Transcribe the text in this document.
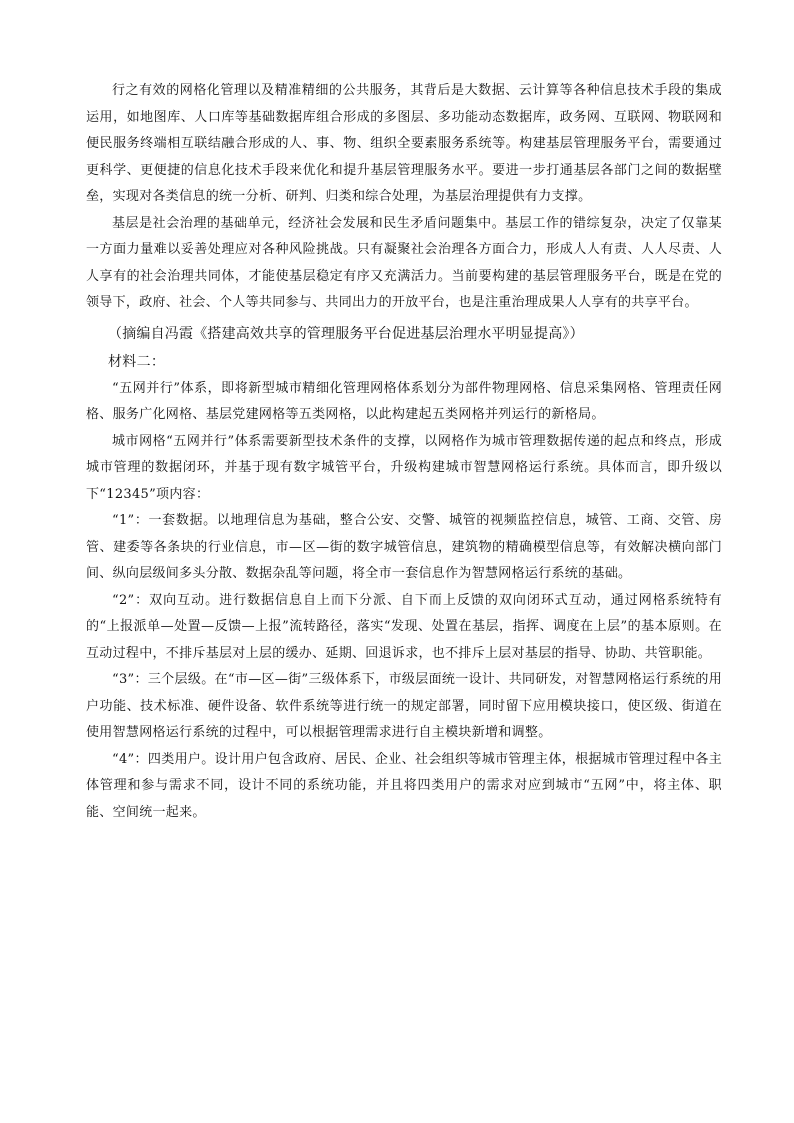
行之有效的网格化管理以及精准精细的公共服务，其背后是大数据、云计算等各种信息技术手段的集成运用，如地图库、人口库等基础数据库组合形成的多图层、多功能动态数据库，政务网、互联网、物联网和便民服务终端相互联结融合形成的人、事、物、组织全要素服务系统等。构建基层管理服务平台，需要通过更科学、更便捷的信息化技术手段来优化和提升基层管理服务水平。要进一步打通基层各部门之间的数据壁垒，实现对各类信息的统一分析、研判、归类和综合处理，为基层治理提供有力支撑。

基层是社会治理的基础单元，经济社会发展和民生矛盾问题集中。基层工作的错综复杂，决定了仅靠某一方面力量难以妥善处理应对各种风险挑战。只有凝聚社会治理各方面合力，形成人人有责、人人尽责、人人享有的社会治理共同体，才能使基层稳定有序又充满活力。当前要构建的基层管理服务平台，既是在党的领导下，政府、社会、个人等共同参与、共同出力的开放平台，也是注重治理成果人人享有的共享平台。

（摘编自冯霞《搭建高效共享的管理服务平台促进基层治理水平明显提高》）

材料二：

“五网并行”体系，即将新型城市精细化管理网格体系划分为部件物理网格、信息采集网格、管理责任网格、服务广化网格、基层党建网格等五类网格，以此构建起五类网格并列运行的新格局。

城市网格“五网并行”体系需要新型技术条件的支撑，以网格作为城市管理数据传递的起点和终点，形成城市管理的数据闭环，并基于现有数字城管平台，升级构建城市智慧网格运行系统。具体而言，即升级以下“12345”项内容：

“1”：一套数据。以地理信息为基础，整合公安、交警、城管的视频监控信息，城管、工商、交管、房管、建委等各条块的行业信息，市—区—街的数字城管信息，建筑物的精确模型信息等，有效解决横向部门间、纵向层级间多头分散、数据杂乱等问题，将全市一套信息作为智慧网格运行系统的基础。

“2”：双向互动。进行数据信息自上而下分派、自下而上反馈的双向闭环式互动，通过网格系统特有的“上报派单—处置—反馈—上报”流转路径，落实“发现、处置在基层，指挥、调度在上层”的基本原则。在互动过程中，不排斥基层对上层的缓办、延期、回退诉求，也不排斥上层对基层的指导、协助、共管职能。

“3”：三个层级。在“市—区—街”三级体系下，市级层面统一设计、共同研发，对智慧网格运行系统的用户功能、技术标准、硬件设备、软件系统等进行统一的规定部署，同时留下应用模块接口，使区级、街道在使用智慧网格运行系统的过程中，可以根据管理需求进行自主模块新增和调整。

“4”：四类用户。设计用户包含政府、居民、企业、社会组织等城市管理主体，根据城市管理过程中各主体管理和参与需求不同，设计不同的系统功能，并且将四类用户的需求对应到城市“五网”中，将主体、职能、空间统一起来。
